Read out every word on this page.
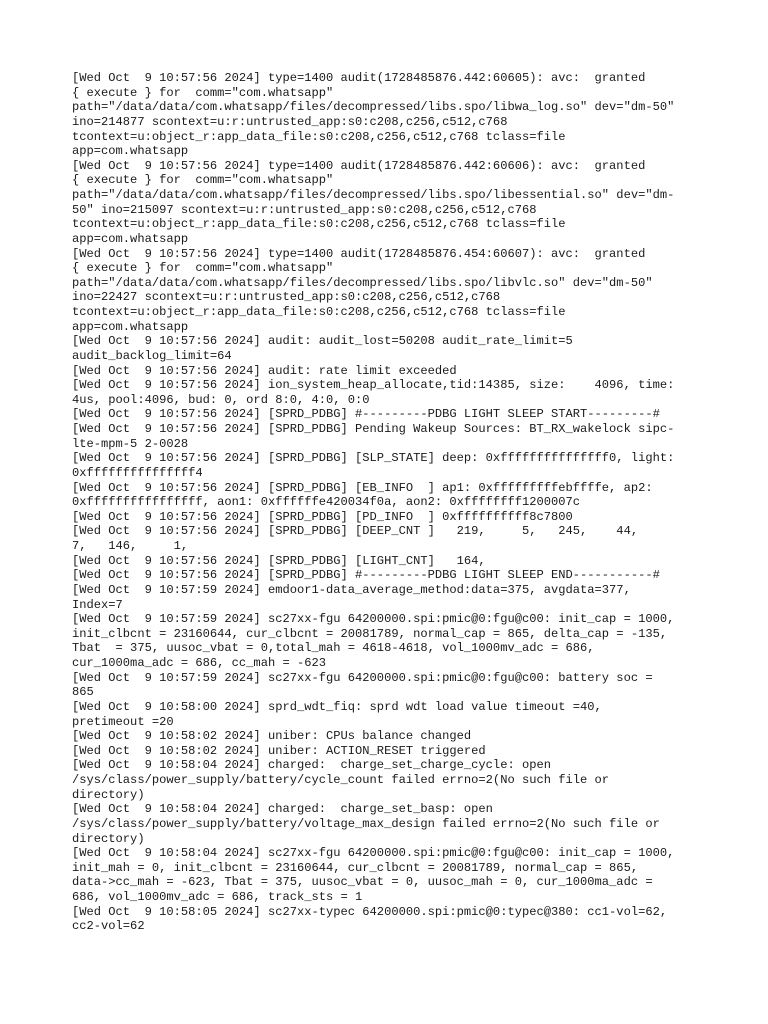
[Wed Oct  9 10:57:56 2024] type=1400 audit(1728485876.442:60605): avc:  granted
{ execute } for  comm="com.whatsapp"
path="/data/data/com.whatsapp/files/decompressed/libs.spo/libwa_log.so" dev="dm-50"
ino=214877 scontext=u:r:untrusted_app:s0:c208,c256,c512,c768
tcontext=u:object_r:app_data_file:s0:c208,c256,c512,c768 tclass=file
app=com.whatsapp
[Wed Oct  9 10:57:56 2024] type=1400 audit(1728485876.442:60606): avc:  granted
{ execute } for  comm="com.whatsapp"
path="/data/data/com.whatsapp/files/decompressed/libs.spo/libessential.so" dev="dm-
50" ino=215097 scontext=u:r:untrusted_app:s0:c208,c256,c512,c768
tcontext=u:object_r:app_data_file:s0:c208,c256,c512,c768 tclass=file
app=com.whatsapp
[Wed Oct  9 10:57:56 2024] type=1400 audit(1728485876.454:60607): avc:  granted
{ execute } for  comm="com.whatsapp"
path="/data/data/com.whatsapp/files/decompressed/libs.spo/libvlc.so" dev="dm-50"
ino=22427 scontext=u:r:untrusted_app:s0:c208,c256,c512,c768
tcontext=u:object_r:app_data_file:s0:c208,c256,c512,c768 tclass=file
app=com.whatsapp
[Wed Oct  9 10:57:56 2024] audit: audit_lost=50208 audit_rate_limit=5
audit_backlog_limit=64
[Wed Oct  9 10:57:56 2024] audit: rate limit exceeded
[Wed Oct  9 10:57:56 2024] ion_system_heap_allocate,tid:14385, size:    4096, time:
4us, pool:4096, bud: 0, ord 8:0, 4:0, 0:0
[Wed Oct  9 10:57:56 2024] [SPRD_PDBG] #---------PDBG LIGHT SLEEP START---------#
[Wed Oct  9 10:57:56 2024] [SPRD_PDBG] Pending Wakeup Sources: BT_RX_wakelock sipc-
lte-mpm-5 2-0028
[Wed Oct  9 10:57:56 2024] [SPRD_PDBG] [SLP_STATE] deep: 0xfffffffffffffff0, light:
0xfffffffffffffff4
[Wed Oct  9 10:57:56 2024] [SPRD_PDBG] [EB_INFO  ] ap1: 0xfffffffffebffffe, ap2:
0xffffffffffffffff, aon1: 0xffffffe420034f0a, aon2: 0xffffffff1200007c
[Wed Oct  9 10:57:56 2024] [SPRD_PDBG] [PD_INFO  ] 0xffffffffff8c7800
[Wed Oct  9 10:57:56 2024] [SPRD_PDBG] [DEEP_CNT ]   219,     5,   245,    44,
7,   146,     1,
[Wed Oct  9 10:57:56 2024] [SPRD_PDBG] [LIGHT_CNT]   164,
[Wed Oct  9 10:57:56 2024] [SPRD_PDBG] #---------PDBG LIGHT SLEEP END-----------#
[Wed Oct  9 10:57:59 2024] emdoor1-data_average_method:data=375, avgdata=377,
Index=7
[Wed Oct  9 10:57:59 2024] sc27xx-fgu 64200000.spi:pmic@0:fgu@c00: init_cap = 1000,
init_clbcnt = 23160644, cur_clbcnt = 20081789, normal_cap = 865, delta_cap = -135,
Tbat  = 375, uusoc_vbat = 0,total_mah = 4618-4618, vol_1000mv_adc = 686,
cur_1000ma_adc = 686, cc_mah = -623
[Wed Oct  9 10:57:59 2024] sc27xx-fgu 64200000.spi:pmic@0:fgu@c00: battery soc =
865
[Wed Oct  9 10:58:00 2024] sprd_wdt_fiq: sprd wdt load value timeout =40,
pretimeout =20
[Wed Oct  9 10:58:02 2024] uniber: CPUs balance changed
[Wed Oct  9 10:58:02 2024] uniber: ACTION_RESET triggered
[Wed Oct  9 10:58:04 2024] charged:  charge_set_charge_cycle: open
/sys/class/power_supply/battery/cycle_count failed errno=2(No such file or
directory)
[Wed Oct  9 10:58:04 2024] charged:  charge_set_basp: open
/sys/class/power_supply/battery/voltage_max_design failed errno=2(No such file or
directory)
[Wed Oct  9 10:58:04 2024] sc27xx-fgu 64200000.spi:pmic@0:fgu@c00: init_cap = 1000,
init_mah = 0, init_clbcnt = 23160644, cur_clbcnt = 20081789, normal_cap = 865,
data->cc_mah = -623, Tbat = 375, uusoc_vbat = 0, uusoc_mah = 0, cur_1000ma_adc =
686, vol_1000mv_adc = 686, track_sts = 1
[Wed Oct  9 10:58:05 2024] sc27xx-typec 64200000.spi:pmic@0:typec@380: cc1-vol=62,
cc2-vol=62
